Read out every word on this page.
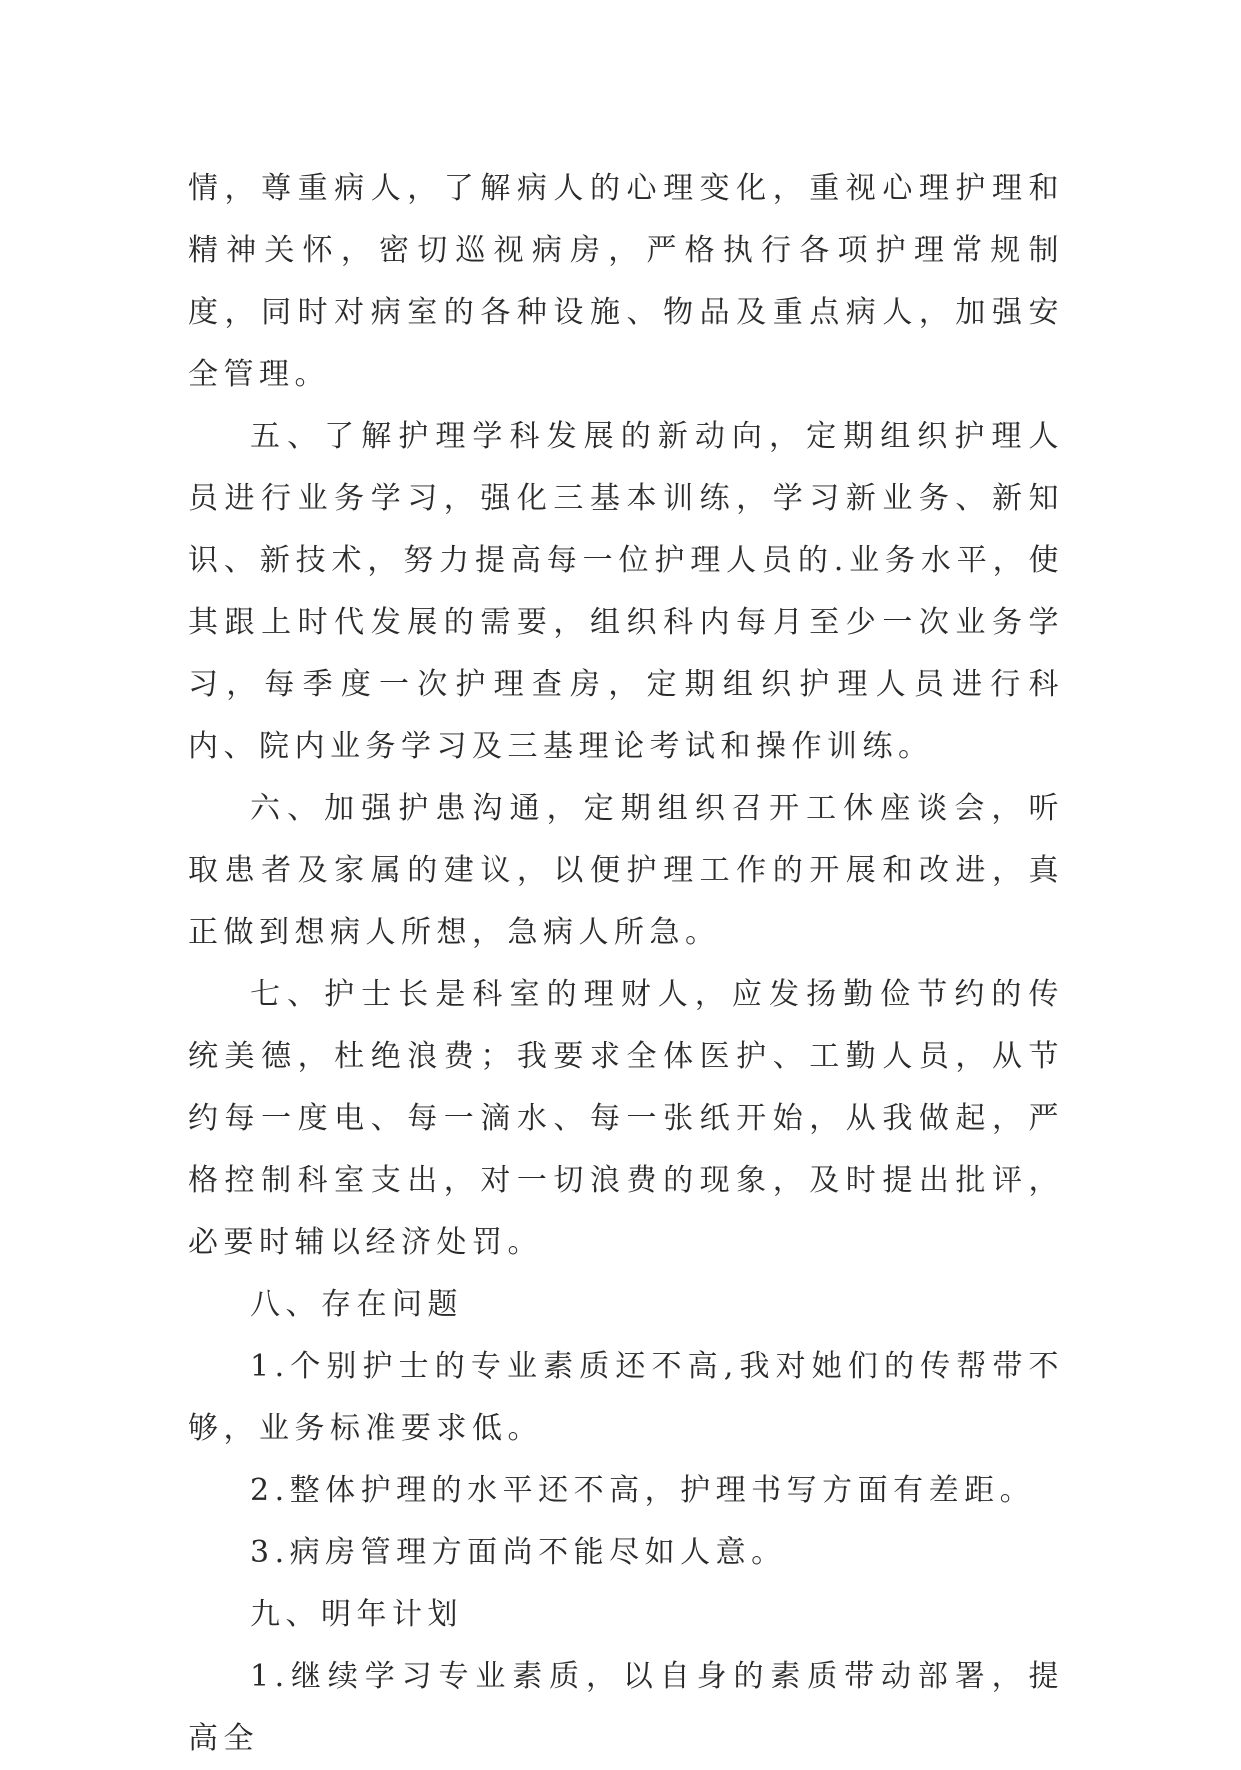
情，尊重病人，了解病人的心理变化，重视心理护理和精神关怀，密切巡视病房，严格执行各项护理常规制度，同时对病室的各种设施、物品及重点病人，加强安全管理。

五、了解护理学科发展的新动向，定期组织护理人员进行业务学习，强化三基本训练，学习新业务、新知识、新技术，努力提高每一位护理人员的.业务水平，使其跟上时代发展的需要，组织科内每月至少一次业务学习，每季度一次护理查房，定期组织护理人员进行科内、院内业务学习及三基理论考试和操作训练。

六、加强护患沟通，定期组织召开工休座谈会，听取患者及家属的建议，以便护理工作的开展和改进，真正做到想病人所想，急病人所急。

七、护士长是科室的理财人，应发扬勤俭节约的传统美德，杜绝浪费；我要求全体医护、工勤人员，从节约每一度电、每一滴水、每一张纸开始，从我做起，严格控制科室支出，对一切浪费的现象，及时提出批评，必要时辅以经济处罚。

八、存在问题

1.个别护士的专业素质还不高,我对她们的传帮带不够，业务标准要求低。

2.整体护理的水平还不高，护理书写方面有差距。

3.病房管理方面尚不能尽如人意。

九、明年计划

1.继续学习专业素质，以自身的素质带动部署，提高全
